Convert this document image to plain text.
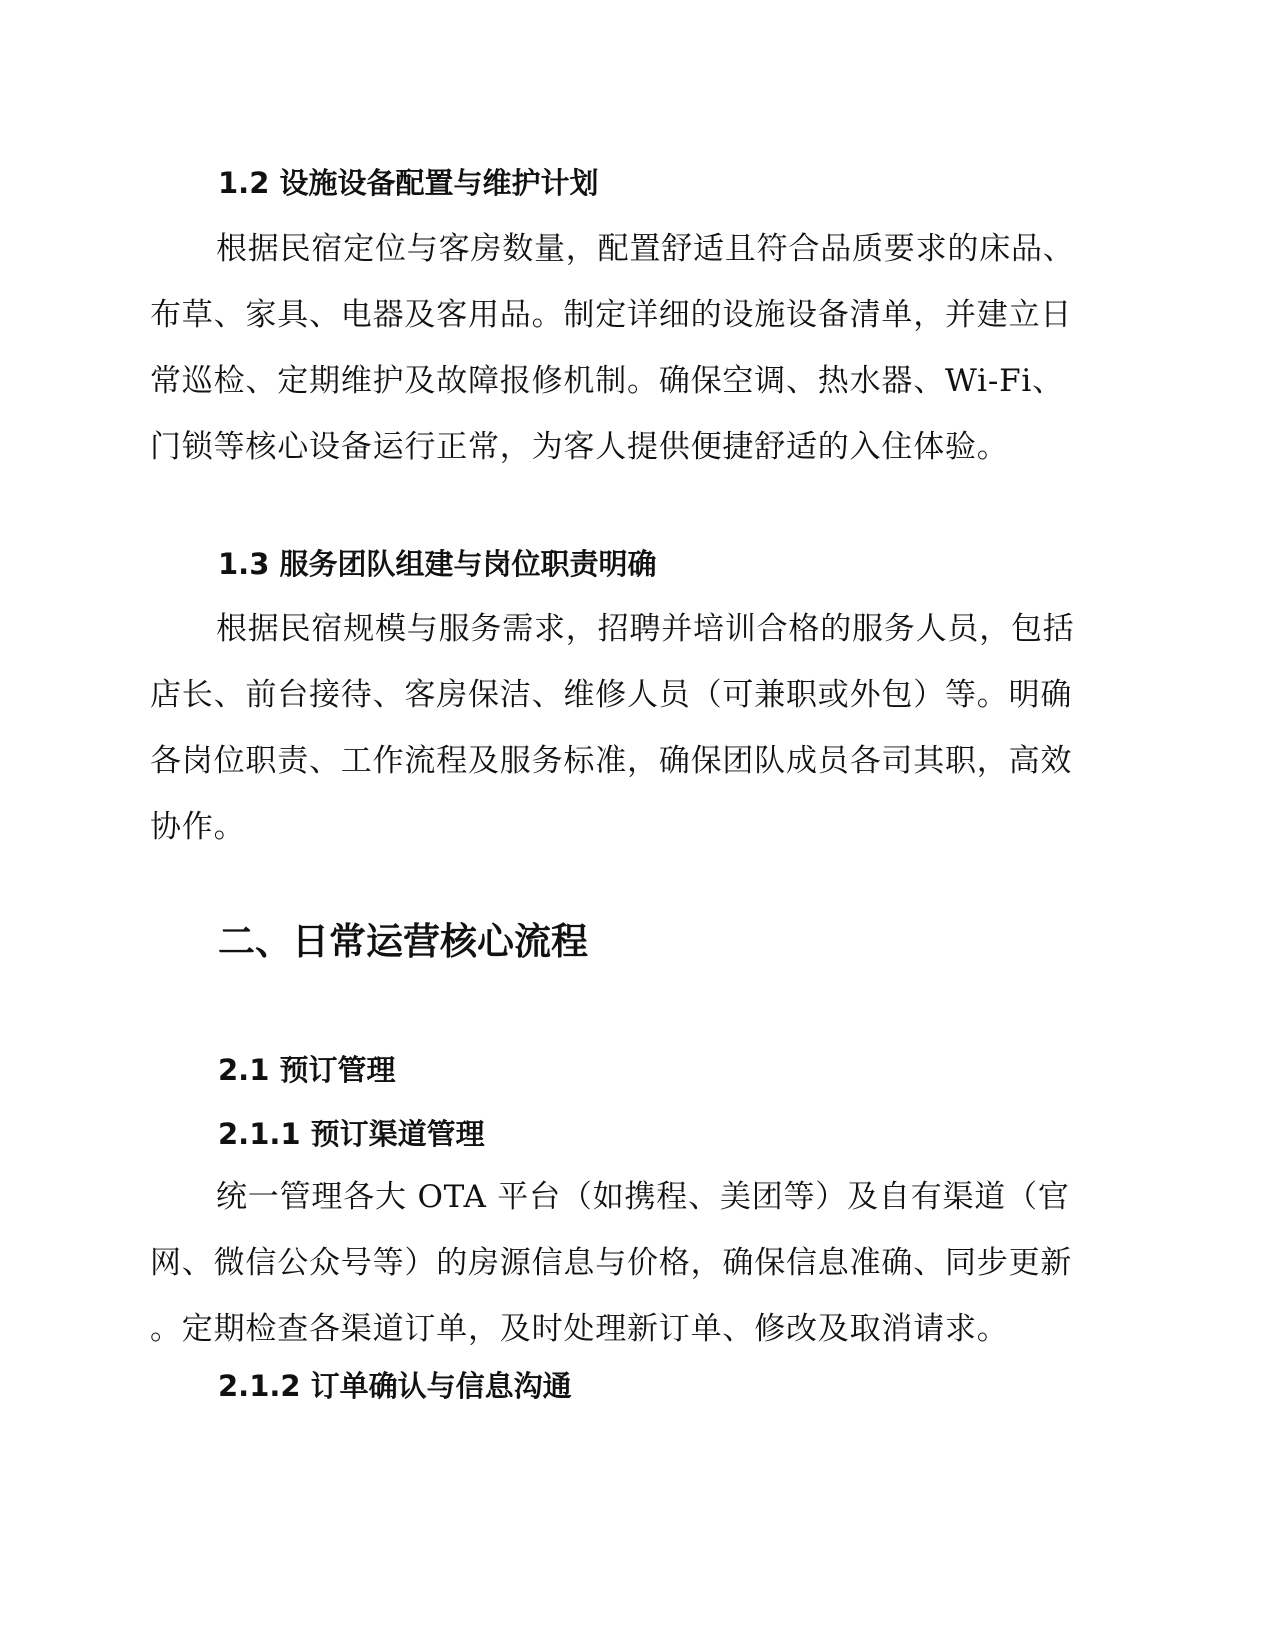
1.2 设施设备配置与维护计划
根据民宿定位与客房数量，配置舒适且符合品质要求的床品、
布草、家具、电器及客用品。制定详细的设施设备清单，并建立日
常巡检、定期维护及故障报修机制。确保空调、热水器、Wi-Fi、
门锁等核心设备运行正常，为客人提供便捷舒适的入住体验。
1.3 服务团队组建与岗位职责明确
根据民宿规模与服务需求，招聘并培训合格的服务人员，包括
店长、前台接待、客房保洁、维修人员（可兼职或外包）等。明确
各岗位职责、工作流程及服务标准，确保团队成员各司其职，高效
协作。
二、日常运营核心流程
2.1 预订管理
2.1.1 预订渠道管理
统一管理各大 OTA 平台（如携程、美团等）及自有渠道（官
网、微信公众号等）的房源信息与价格，确保信息准确、同步更新
。定期检查各渠道订单，及时处理新订单、修改及取消请求。
2.1.2 订单确认与信息沟通
